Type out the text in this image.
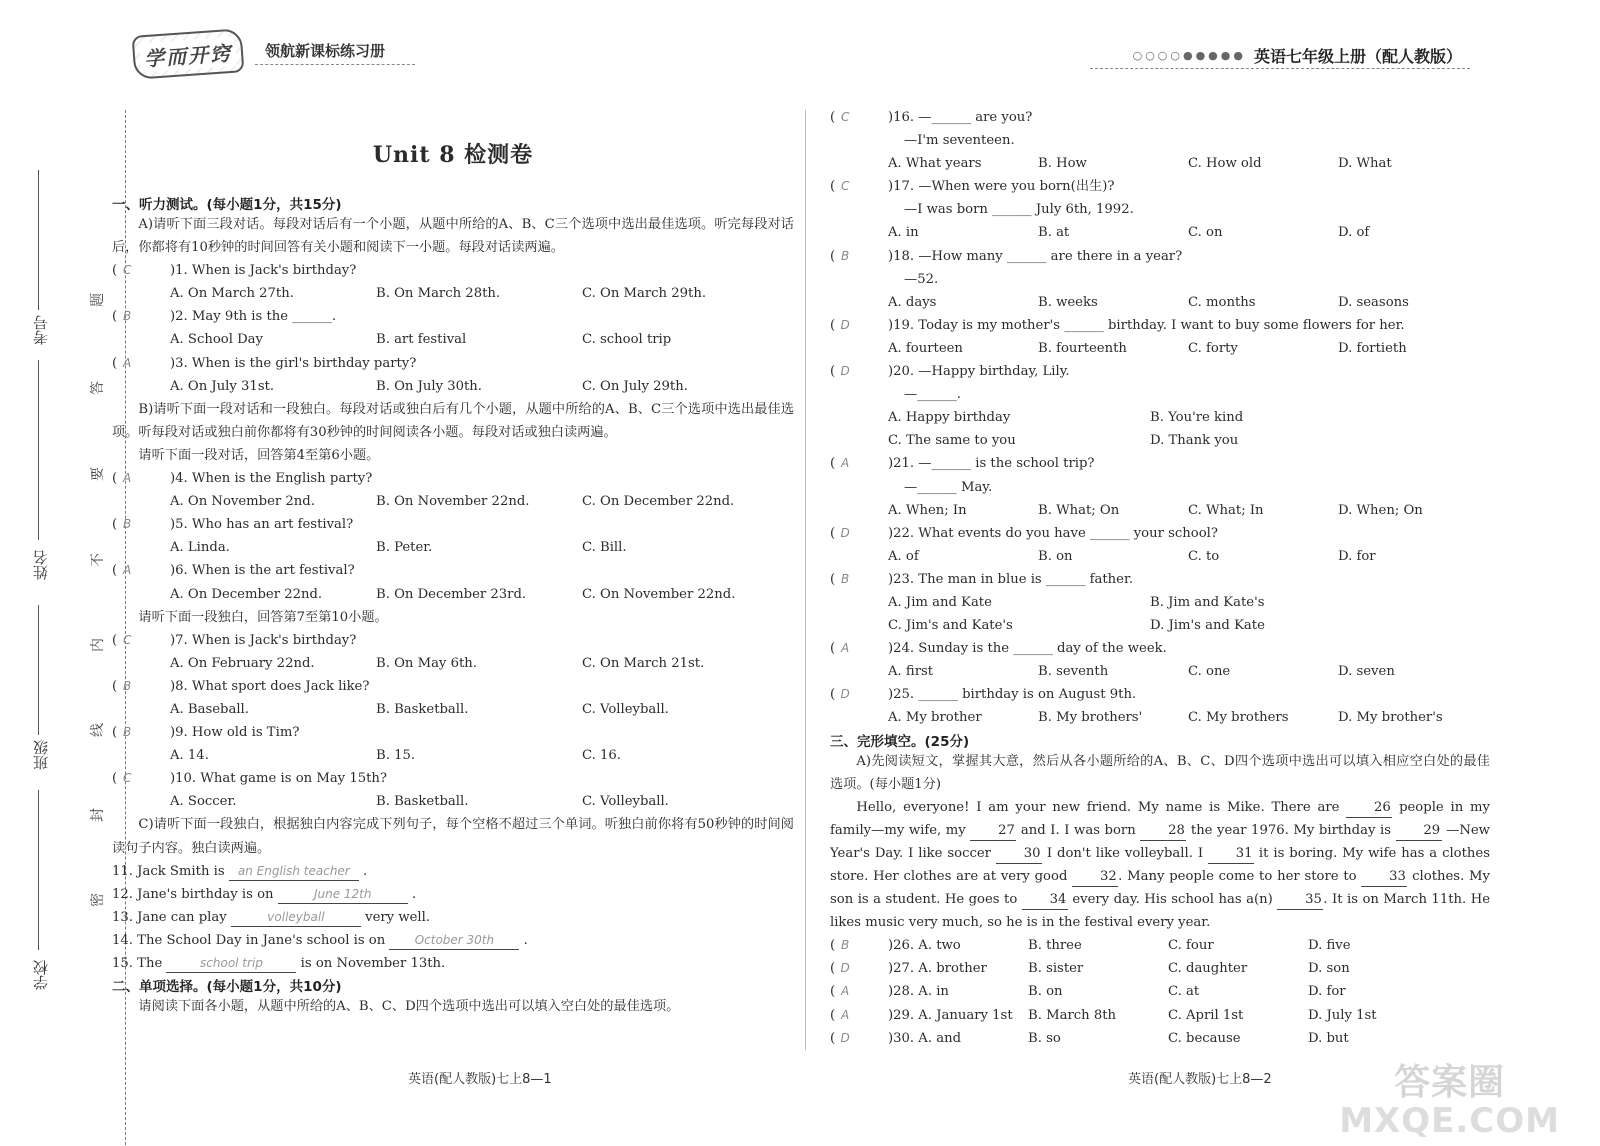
学而开窍 领航新课标练习册	○○○○●●●●● 英语七年级上册（配人教版）
考号
姓名
班级
学校
题
答
要
不
内
线
封
密
Unit 8 检测卷
一、听力测试。(每小题1分，共15分)
A)请听下面三段对话。每段对话后有一个小题，从题中所给的A、B、C三个选项中选出最佳选项。听完每段对话后，你都将有10秒钟的时间回答有关小题和阅读下一小题。每段对话读两遍。
( C	)1. When is Jack's birthday?
A. On March 27th.	B. On March 28th.	C. On March 29th.
( B	)2. May 9th is the ______.
A. School Day	B. art festival	C. school trip
( A	)3. When is the girl's birthday party?
A. On July 31st.	B. On July 30th.	C. On July 29th.
B)请听下面一段对话和一段独白。每段对话或独白后有几个小题，从题中所给的A、B、C三个选项中选出最佳选项。听每段对话或独白前你都将有30秒钟的时间阅读各小题。每段对话或独白读两遍。
请听下面一段对话，回答第4至第6小题。
( A	)4. When is the English party?
A. On November 2nd.	B. On November 22nd.	C. On December 22nd.
( B	)5. Who has an art festival?
A. Linda.	B. Peter.	C. Bill.
( A	)6. When is the art festival?
A. On December 22nd.	B. On December 23rd.	C. On November 22nd.
请听下面一段独白，回答第7至第10小题。
( C	)7. When is Jack's birthday?
A. On February 22nd.	B. On May 6th.	C. On March 21st.
( B	)8. What sport does Jack like?
A. Baseball.	B. Basketball.	C. Volleyball.
( B	)9. How old is Tim?
A. 14.	B. 15.	C. 16.
( C	)10. What game is on May 15th?
A. Soccer.	B. Basketball.	C. Volleyball.
C)请听下面一段独白，根据独白内容完成下列句子，每个空格不超过三个单词。听独白前你将有50秒钟的时间阅读句子内容。独白读两遍。
11. Jack Smith is an English teacher .
12. Jane's birthday is on	June 12th	.
13. Jane can play	volleyball	very well.
14. The School Day in Jane's school is on October 30th .
15. The	school trip	is on November 13th.
二、单项选择。(每小题1分，共10分)
请阅读下面各小题，从题中所给的A、B、C、D四个选项中选出可以填入空白处的最佳选项。
( C	)16. —______ are you?
—I'm seventeen.
A. What years	B. How	C. How old	D. What
( C	)17. —When were you born(出生)?
—I was born ______ July 6th, 1992.
A. in	B. at	C. on	D. of
( B	)18. —How many ______ are there in a year?
—52.
A. days	B. weeks	C. months	D. seasons
( D	)19. Today is my mother's ______ birthday. I want to buy some flowers for her.
A. fourteen	B. fourteenth	C. forty	D. fortieth
( D	)20. —Happy birthday, Lily.
—______.
A. Happy birthday	B. You're kind
C. The same to you	D. Thank you
( A	)21. —______ is the school trip?
—______ May.
A. When; In	B. What; On	C. What; In	D. When; On
( D	)22. What events do you have ______ your school?
A. of	B. on	C. to	D. for
( B	)23. The man in blue is ______ father.
A. Jim and Kate	B. Jim and Kate's
C. Jim's and Kate's	D. Jim's and Kate
( A	)24. Sunday is the ______ day of the week.
A. first	B. seventh	C. one	D. seven
( D	)25. ______ birthday is on August 9th.
A. My brother	B. My brothers'	C. My brothers	D. My brother's
三、完形填空。(25分)
A)先阅读短文，掌握其大意，然后从各小题所给的A、B、C、D四个选项中选出可以填入相应空白处的最佳选项。(每小题1分)
Hello, everyone! I am your new friend. My name is Mike. There are	26 people in my family—my wife, my 27 and I. I was born 28 the year 1976. My birthday is 29 —New Year's Day. I like soccer 30 I don't like volleyball. I 31 it is boring. My wife has a clothes store. Her clothes are at very good 32. Many people come to her store to 33 clothes. My son is a student. He goes to 34 every day. His school has a(n) 35. It is on March 11th. He likes music very much, so he is in the festival every year.
( B	)26. A. two	B. three	C. four	D. five
( D	)27. A. brother	B. sister	C. daughter	D. son
( A	)28. A. in	B. on	C. at	D. for
( A	)29. A. January 1st	B. March 8th	C. April 1st	D. July 1st
( D	)30. A. and	B. so	C. because	D. but
英语(配人教版)七上8—1	英语(配人教版)七上8—2	答案圈
MXQE.COM
